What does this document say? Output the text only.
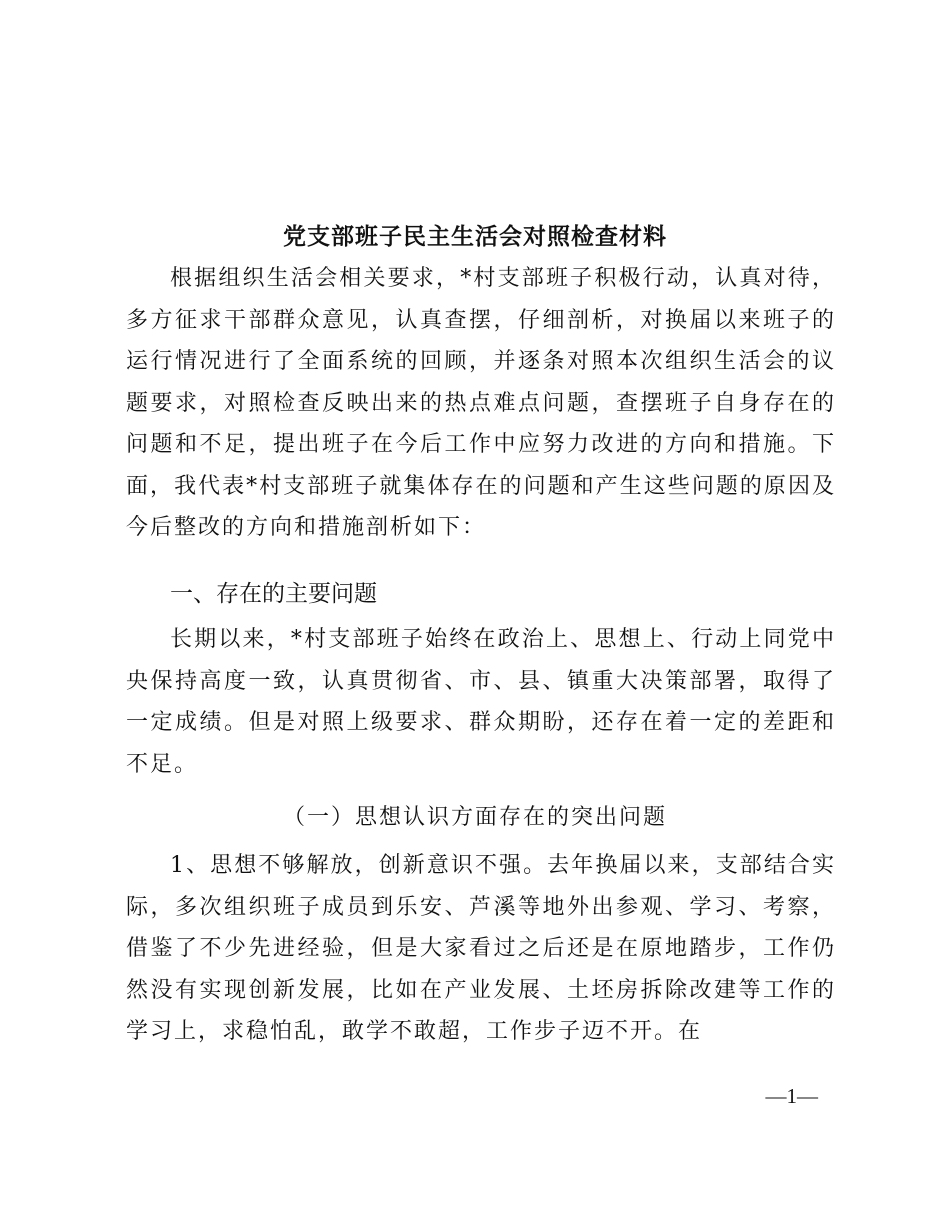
党支部班子民主生活会对照检查材料

根据组织生活会相关要求，*村支部班子积极行动，认真对待，多方征求干部群众意见，认真查摆，仔细剖析，对换届以来班子的运行情况进行了全面系统的回顾，并逐条对照本次组织生活会的议题要求，对照检查反映出来的热点难点问题，查摆班子自身存在的问题和不足，提出班子在今后工作中应努力改进的方向和措施。下面，我代表*村支部班子就集体存在的问题和产生这些问题的原因及今后整改的方向和措施剖析如下：

一、存在的主要问题

长期以来，*村支部班子始终在政治上、思想上、行动上同党中央保持高度一致，认真贯彻省、市、县、镇重大决策部署，取得了一定成绩。但是对照上级要求、群众期盼，还存在着一定的差距和不足。

（一）思想认识方面存在的突出问题

1、思想不够解放，创新意识不强。去年换届以来，支部结合实际，多次组织班子成员到乐安、芦溪等地外出参观、学习、考察，借鉴了不少先进经验，但是大家看过之后还是在原地踏步，工作仍然没有实现创新发展，比如在产业发展、土坯房拆除改建等工作的学习上，求稳怕乱，敢学不敢超，工作步子迈不开。在

—1—
